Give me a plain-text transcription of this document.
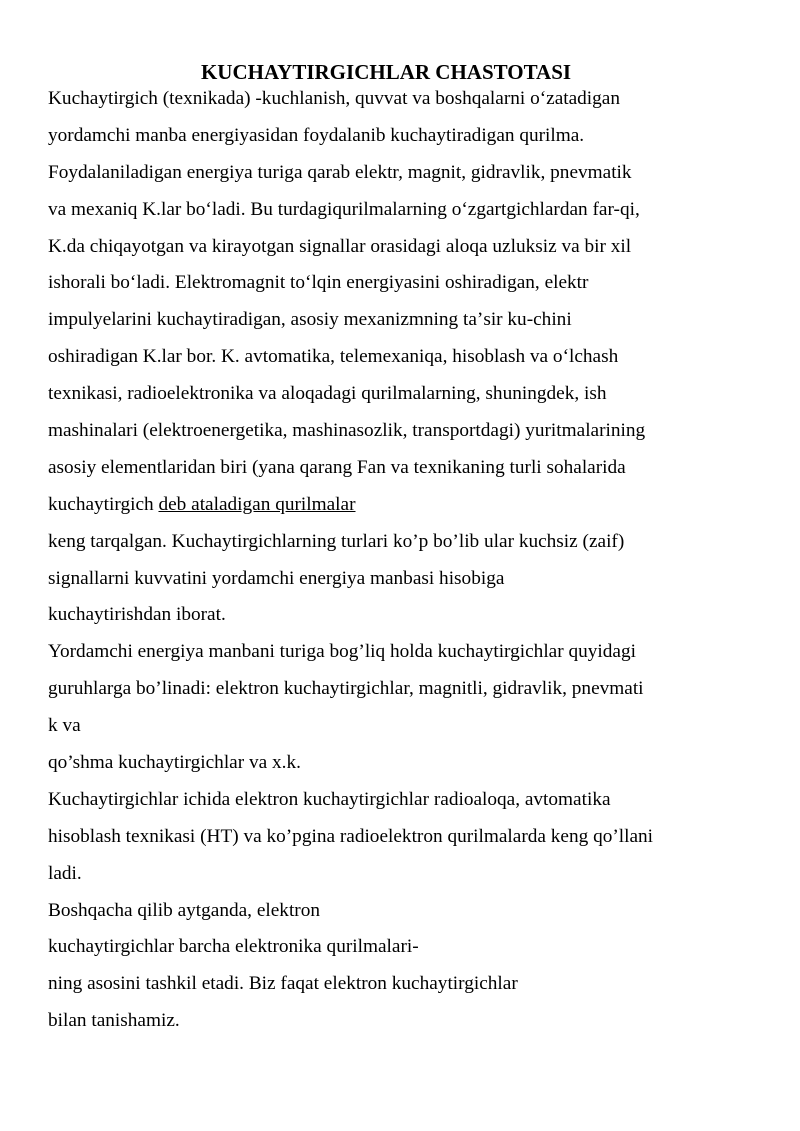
KUCHAYTIRGICHLAR CHASTOTASI
Kuchaytirgich (texnikada) -kuchlanish, quvvat va boshqalarni oʻzatadigan
yordamchi manba energiyasidan foydalanib kuchaytiradigan qurilma.
Foydalaniladigan energiya turiga qarab elektr, magnit, gidravlik, pnevmatik
va mexaniq K.lar boʻladi. Bu turdagiqurilmalarning oʻzgartgichlardan far-qi,
K.da chiqayotgan va kirayotgan signallar orasidagi aloqa uzluksiz va bir xil
ishorali boʻladi. Elektromagnit toʻlqin energiyasini oshiradigan, elektr
impulyelarini kuchaytiradigan, asosiy mexanizmning taʼsir ku-chini
oshiradigan K.lar bor. K. avtomatika, telemexaniqa, hisoblash va oʻlchash
texnikasi, radioelektronika va aloqadagi qurilmalarning, shuningdek, ish
mashinalari (elektroenergetika, mashinasozlik, transportdagi) yuritmalarining
asosiy elementlaridan biri (yana qarang Fan va texnikaning turli sohalarida
kuchaytirgich deb ataladigan qurilmalar
keng tarqalgan. Kuchaytirgichlarning turlari ko’p bo’lib ular kuchsiz (zaif)
signallarni kuvvatini yordamchi energiya manbasi hisobiga
kuchaytirishdan iborat.
Yordamchi energiya manbani turiga bog’liq holda kuchaytirgichlar quyidagi
guruhlarga bo’linadi: elektron kuchaytirgichlar, magnitli, gidravlik, pnevmati
k va
qo’shma kuchaytirgichlar va x.k.
Kuchaytirgichlar ichida elektron kuchaytirgichlar radioaloqa, avtomatika
hisoblash texnikasi (HT) va ko’pgina radioelektron qurilmalarda keng qo’llani
ladi.
Boshqacha qilib aytganda, elektron
kuchaytirgichlar barcha elektronika qurilmalari-
ning asosini tashkil etadi. Biz faqat elektron kuchaytirgichlar
bilan tanishamiz.
